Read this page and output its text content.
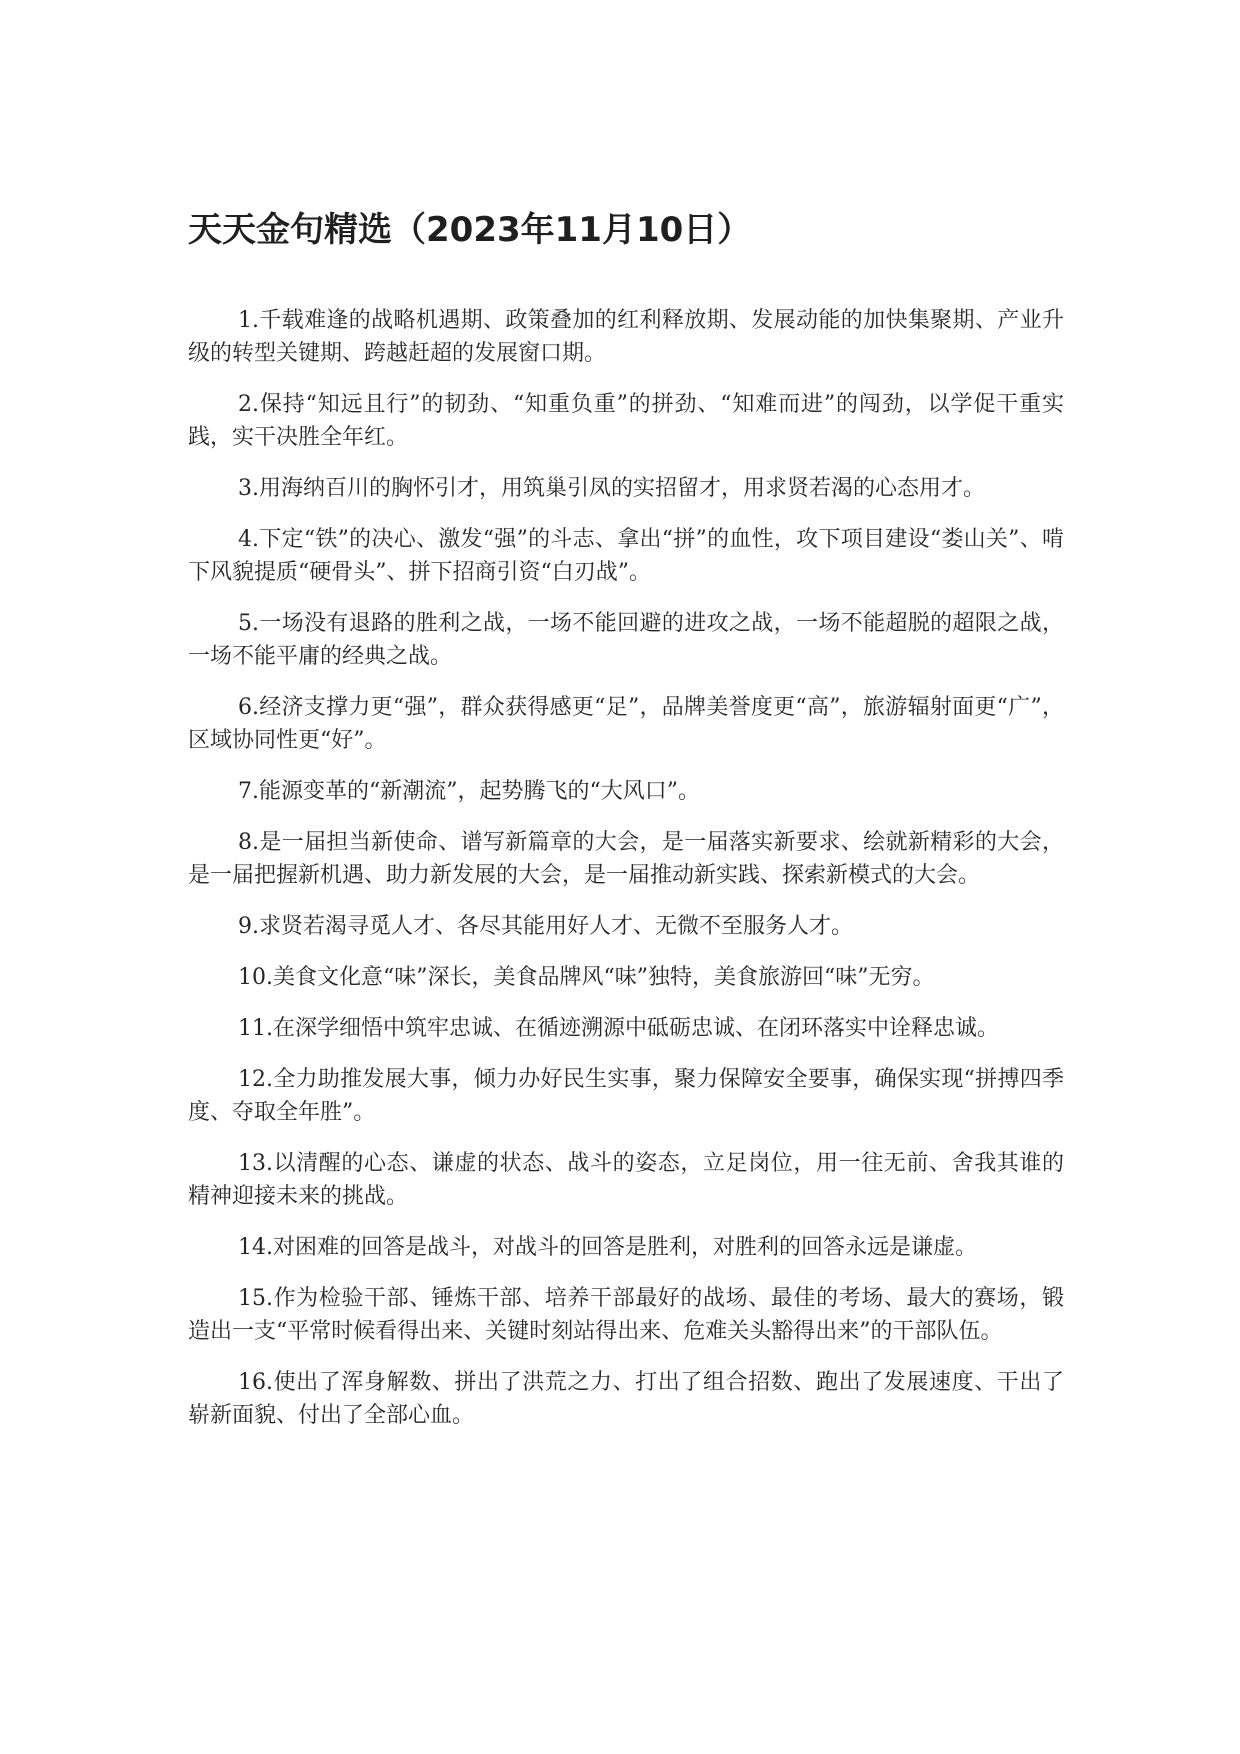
天天金句精选（2023年11月10日）

1.千载难逢的战略机遇期、政策叠加的红利释放期、发展动能的加快集聚期、产业升级的转型关键期、跨越赶超的发展窗口期。

2.保持“知远且行”的韧劲、“知重负重”的拼劲、“知难而进”的闯劲，以学促干重实践，实干决胜全年红。

3.用海纳百川的胸怀引才，用筑巢引凤的实招留才，用求贤若渴的心态用才。

4.下定“铁”的决心、激发“强”的斗志、拿出“拼”的血性，攻下项目建设“娄山关”、啃下风貌提质“硬骨头”、拼下招商引资“白刃战”。

5.一场没有退路的胜利之战，一场不能回避的进攻之战，一场不能超脱的超限之战，一场不能平庸的经典之战。

6.经济支撑力更“强”，群众获得感更“足”，品牌美誉度更“高”，旅游辐射面更“广”，区域协同性更“好”。

7.能源变革的“新潮流”，起势腾飞的“大风口”。

8.是一届担当新使命、谱写新篇章的大会，是一届落实新要求、绘就新精彩的大会，是一届把握新机遇、助力新发展的大会，是一届推动新实践、探索新模式的大会。

9.求贤若渴寻觅人才、各尽其能用好人才、无微不至服务人才。

10.美食文化意“味”深长，美食品牌风“味”独特，美食旅游回“味”无穷。

11.在深学细悟中筑牢忠诚、在循迹溯源中砥砺忠诚、在闭环落实中诠释忠诚。

12.全力助推发展大事，倾力办好民生实事，聚力保障安全要事，确保实现“拼搏四季度、夺取全年胜”。

13.以清醒的心态、谦虚的状态、战斗的姿态，立足岗位，用一往无前、舍我其谁的精神迎接未来的挑战。

14.对困难的回答是战斗，对战斗的回答是胜利，对胜利的回答永远是谦虚。

15.作为检验干部、锤炼干部、培养干部最好的战场、最佳的考场、最大的赛场，锻造出一支“平常时候看得出来、关键时刻站得出来、危难关头豁得出来”的干部队伍。

16.使出了浑身解数、拼出了洪荒之力、打出了组合招数、跑出了发展速度、干出了崭新面貌、付出了全部心血。
